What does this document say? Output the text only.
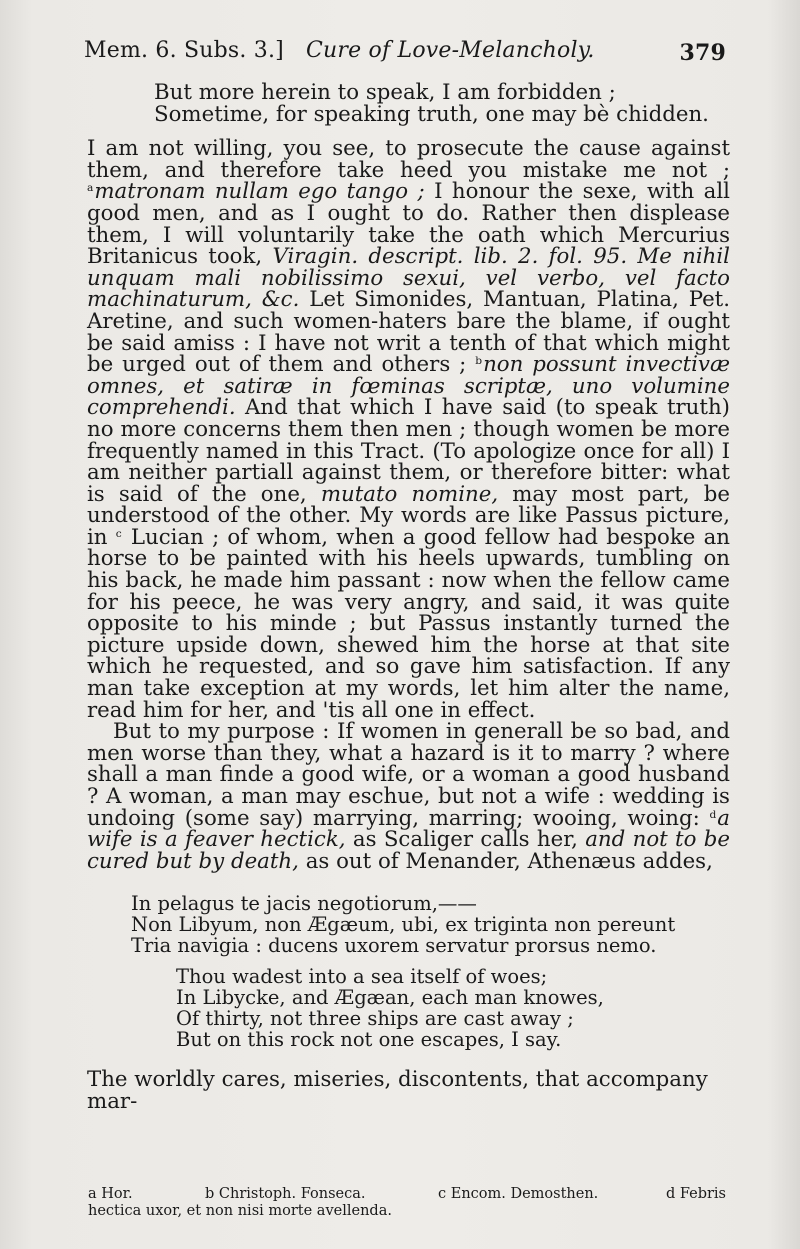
Mem. 6. Subs. 3.] Cure of Love-Melancholy.	379
But more herein to speak, I am forbidden ;
Sometime, for speaking truth, one may bè chidden.

I am not willing, you see, to prosecute the cause against them, and therefore take heed you mistake me not ; $^a$matronam nullam ego tango ; I honour the sexe, with all good men, and as I ought to do. Rather then displease them, I will voluntarily take the oath which Mercurius Britanicus took, Viragin. descript. lib. 2. fol. 95. Me nihil unquam mali nobilissimo sexui, vel verbo, vel facto machinaturum, &c. Let Simonides, Mantuan, Platina, Pet. Aretine, and such women-haters bare the blame, if ought be said amiss : I have not writ a tenth of that which might be urged out of them and others ; $^b$non possunt invectivæ omnes, et satiræ in fœminas scriptæ, uno volumine comprehendi. And that which I have said (to speak truth) no more concerns them then men ; though women be more frequently named in this Tract. (To apologize once for all) I am neither partiall against them, or therefore bitter: what is said of the one, mutato nomine, may most part, be understood of the other. My words are like Passus picture, in $^c$ Lucian ; of whom, when a good fellow had bespoke an horse to be painted with his heels upwards, tumbling on his back, he made him passant : now when the fellow came for his peece, he was very angry, and said, it was quite opposite to his minde ; but Passus instantly turned the picture upside down, shewed him the horse at that site which he requested, and so gave him satisfaction. If any man take exception at my words, let him alter the name, read him for her, and 'tis all one in effect.

But to my purpose : If women in generall be so bad, and men worse than they, what a hazard is it to marry ? where shall a man finde a good wife, or a woman a good husband ? A woman, a man may eschue, but not a wife : wedding is undoing (some say) marrying, marring; wooing, woing: $^d$a wife is a feaver hectick, as Scaliger calls her, and not to be cured but by death, as out of Menander, Athenæus addes,

In pelagus te jacis negotiorum,——
Non Libyum, non Ægæum, ubi, ex triginta non pereunt
Tria navigia : ducens uxorem servatur prorsus nemo.
Thou wadest into a sea itself of woes;
In Libycke, and Ægæan, each man knowes,
Of thirty, not three ships are cast away ;
But on this rock not one escapes, I say.
The worldly cares, miseries, discontents, that accompany mar-
a Hor.	b Christoph. Fonseca.	c Encom. Demosthen.	d Febris
hectica uxor, et non nisi morte avellenda.
